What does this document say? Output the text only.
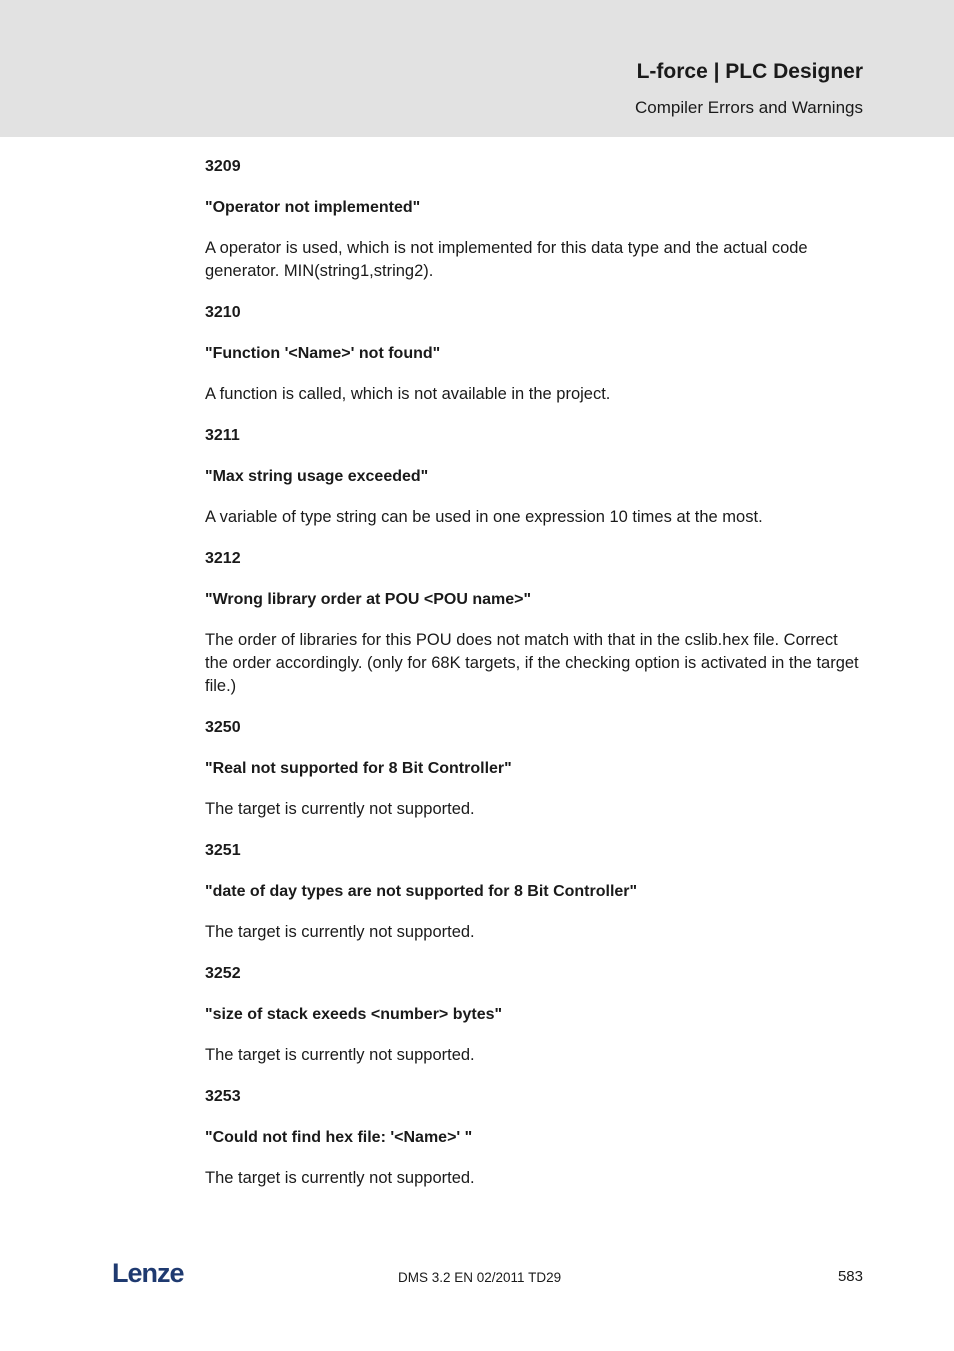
L-force | PLC Designer
Compiler Errors and Warnings
3209
"Operator not implemented"
A operator is used, which is not implemented for this data type and the actual code generator. MIN(string1,string2).
3210
"Function '<Name>' not found"
A function is called, which is not available in the project.
3211
"Max string usage exceeded"
A variable of type string can be used in one expression 10 times at the most.
3212
"Wrong library order at POU <POU name>"
The order of libraries for this POU does not match with that in the cslib.hex file. Correct the order accordingly. (only for 68K targets, if the checking option is activated in the target file.)
3250
"Real not supported for 8 Bit Controller"
The target is currently not supported.
3251
"date of day types are not supported for 8 Bit Controller"
The target is currently not supported.
3252
"size of stack exeeds <number> bytes"
The target is currently not supported.
3253
"Could not find hex file: '<Name>' "
The target is currently not supported.
Lenze	DMS 3.2 EN 02/2011 TD29	583
